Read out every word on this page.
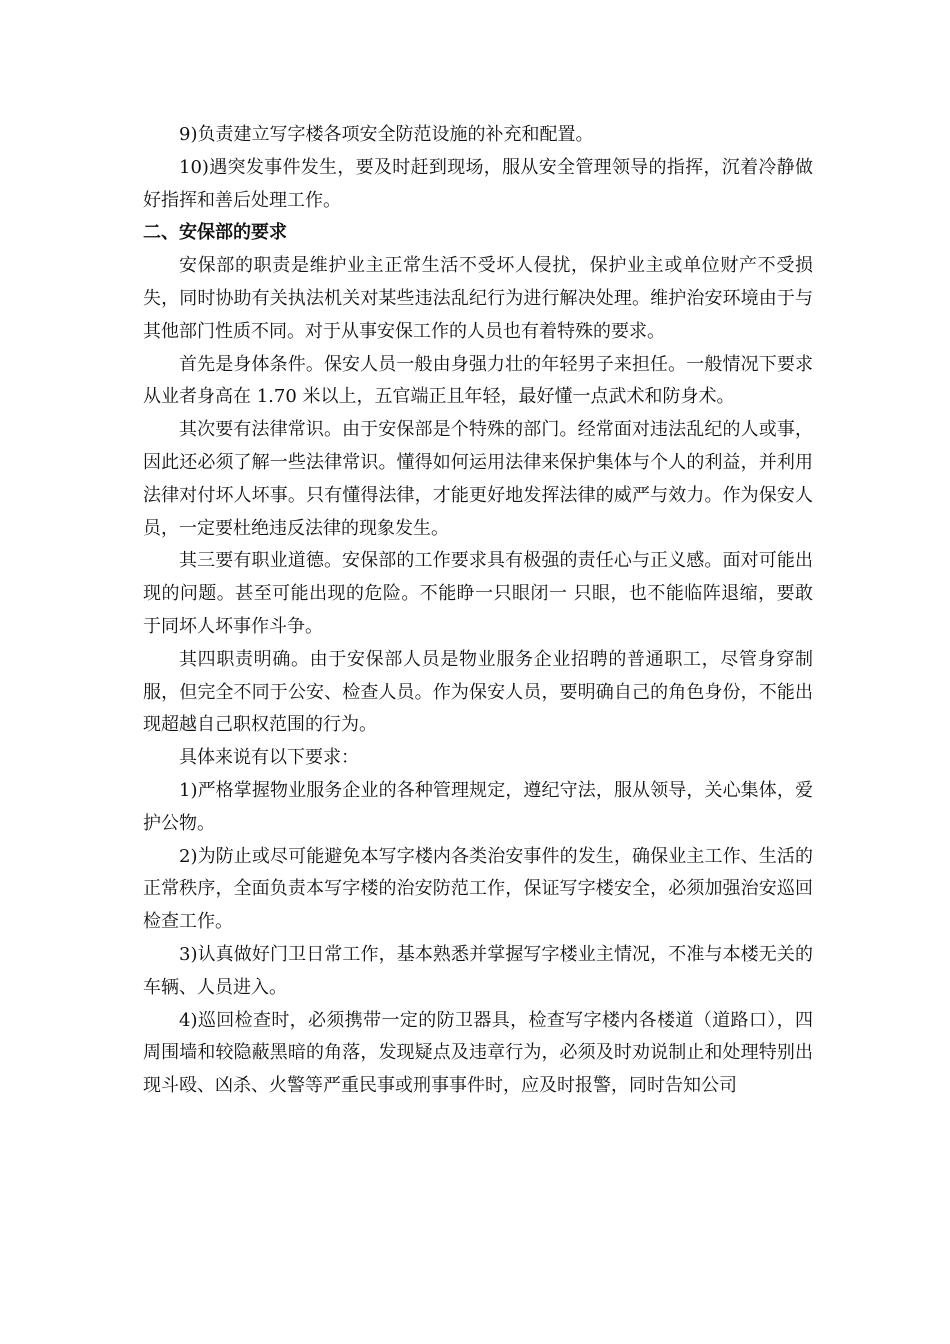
9)负责建立写字楼各项安全防范设施的补充和配置。

10)遇突发事件发生，要及时赶到现场，服从安全管理领导的指挥，沉着冷静做好指挥和善后处理工作。

二、安保部的要求

安保部的职责是维护业主正常生活不受坏人侵扰，保护业主或单位财产不受损失，同时协助有关执法机关对某些违法乱纪行为进行解决处理。维护治安环境由于与其他部门性质不同。对于从事安保工作的人员也有着特殊的要求。

首先是身体条件。保安人员一般由身强力壮的年轻男子来担任。一般情况下要求从业者身高在 1.70 米以上，五官端正且年轻，最好懂一点武术和防身术。

其次要有法律常识。由于安保部是个特殊的部门。经常面对违法乱纪的人或事，因此还必须了解一些法律常识。懂得如何运用法律来保护集体与个人的利益，并利用法律对付坏人坏事。只有懂得法律，才能更好地发挥法律的威严与效力。作为保安人员，一定要杜绝违反法律的现象发生。

其三要有职业道德。安保部的工作要求具有极强的责任心与正义感。面对可能出现的问题。甚至可能出现的危险。不能睁一只眼闭一 只眼，也不能临阵退缩，要敢于同坏人坏事作斗争。

其四职责明确。由于安保部人员是物业服务企业招聘的普通职工，尽管身穿制服，但完全不同于公安、检查人员。作为保安人员，要明确自己的角色身份，不能出现超越自己职权范围的行为。

具体来说有以下要求：

1)严格掌握物业服务企业的各种管理规定，遵纪守法，服从领导，关心集体，爱护公物。

2)为防止或尽可能避免本写字楼内各类治安事件的发生，确保业主工作、生活的正常秩序，全面负责本写字楼的治安防范工作，保证写字楼安全，必须加强治安巡回检查工作。

3)认真做好门卫日常工作，基本熟悉并掌握写字楼业主情况，不准与本楼无关的车辆、人员进入。

4)巡回检查时，必须携带一定的防卫器具，检查写字楼内各楼道（道路口），四周围墙和较隐蔽黑暗的角落，发现疑点及违章行为，必须及时劝说制止和处理特别出现斗殴、凶杀、火警等严重民事或刑事事件时，应及时报警，同时告知公司
